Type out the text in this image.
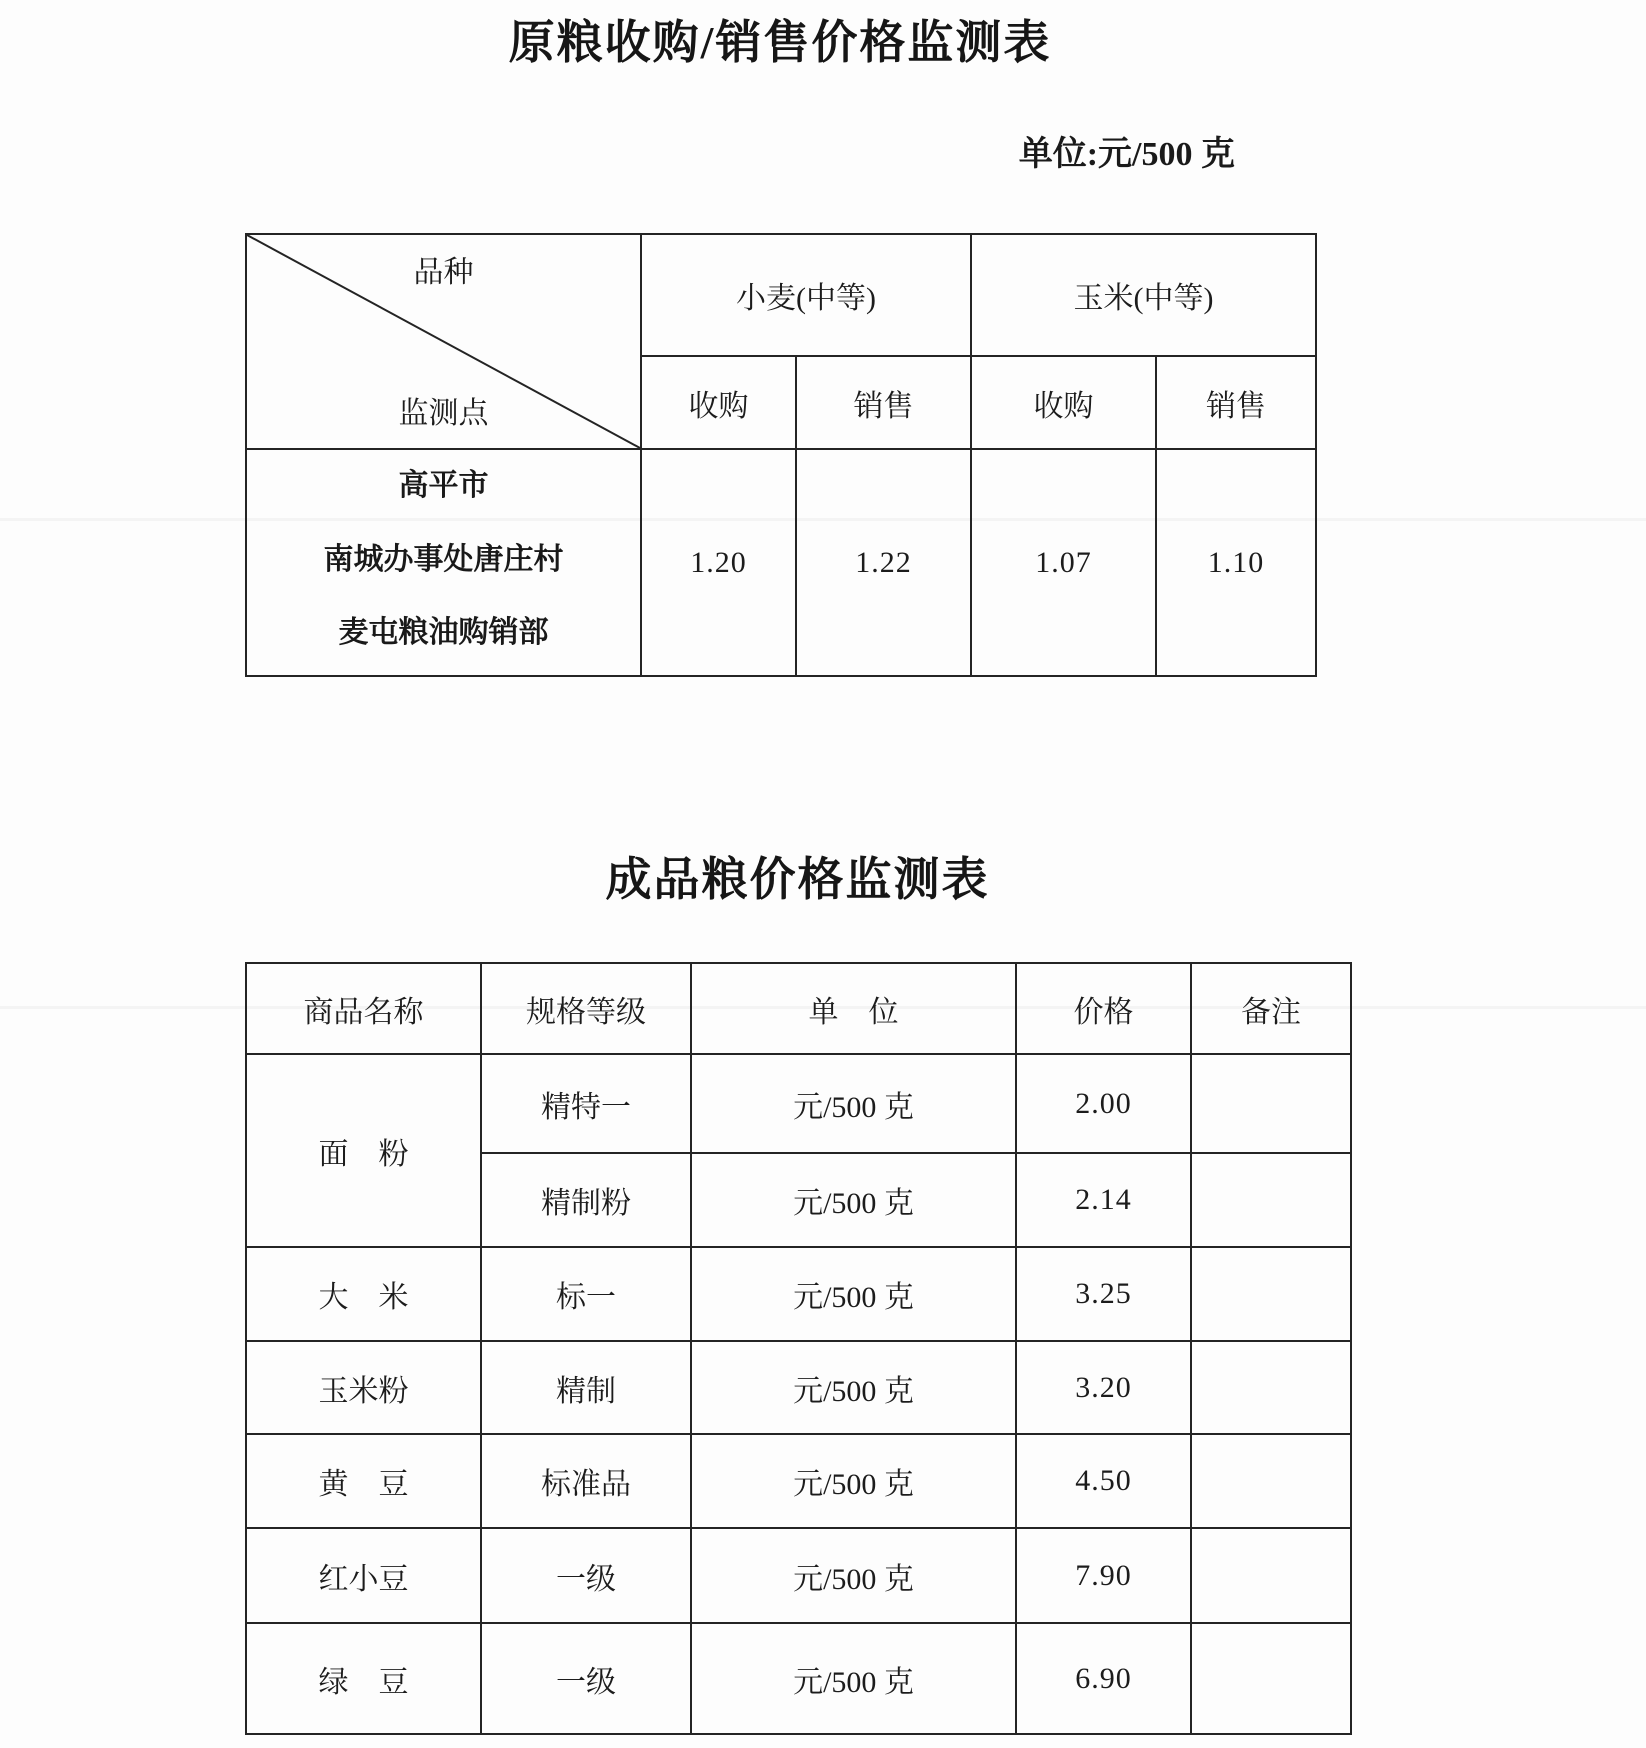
原粮收购/销售价格监测表
单位:元/500 克
品种
监测点	小麦(中等)		玉米(中等)	
	收购	销售	收购	销售

高平市
南城办事处唐庄村
麦屯粮油购销部	1.20	1.22	1.07	1.10
成品粮价格监测表
商品名称	规格等级	单　位	价格	备注
面　粉	精特一	元/500 克	2.00	
	精制粉	元/500 克	2.14	
大　米	标一	元/500 克	3.25	
玉米粉	精制	元/500 克	3.20	
黄　豆	标准品	元/500 克	4.50	
红小豆	一级	元/500 克	7.90	
绿　豆	一级	元/500 克	6.90	
